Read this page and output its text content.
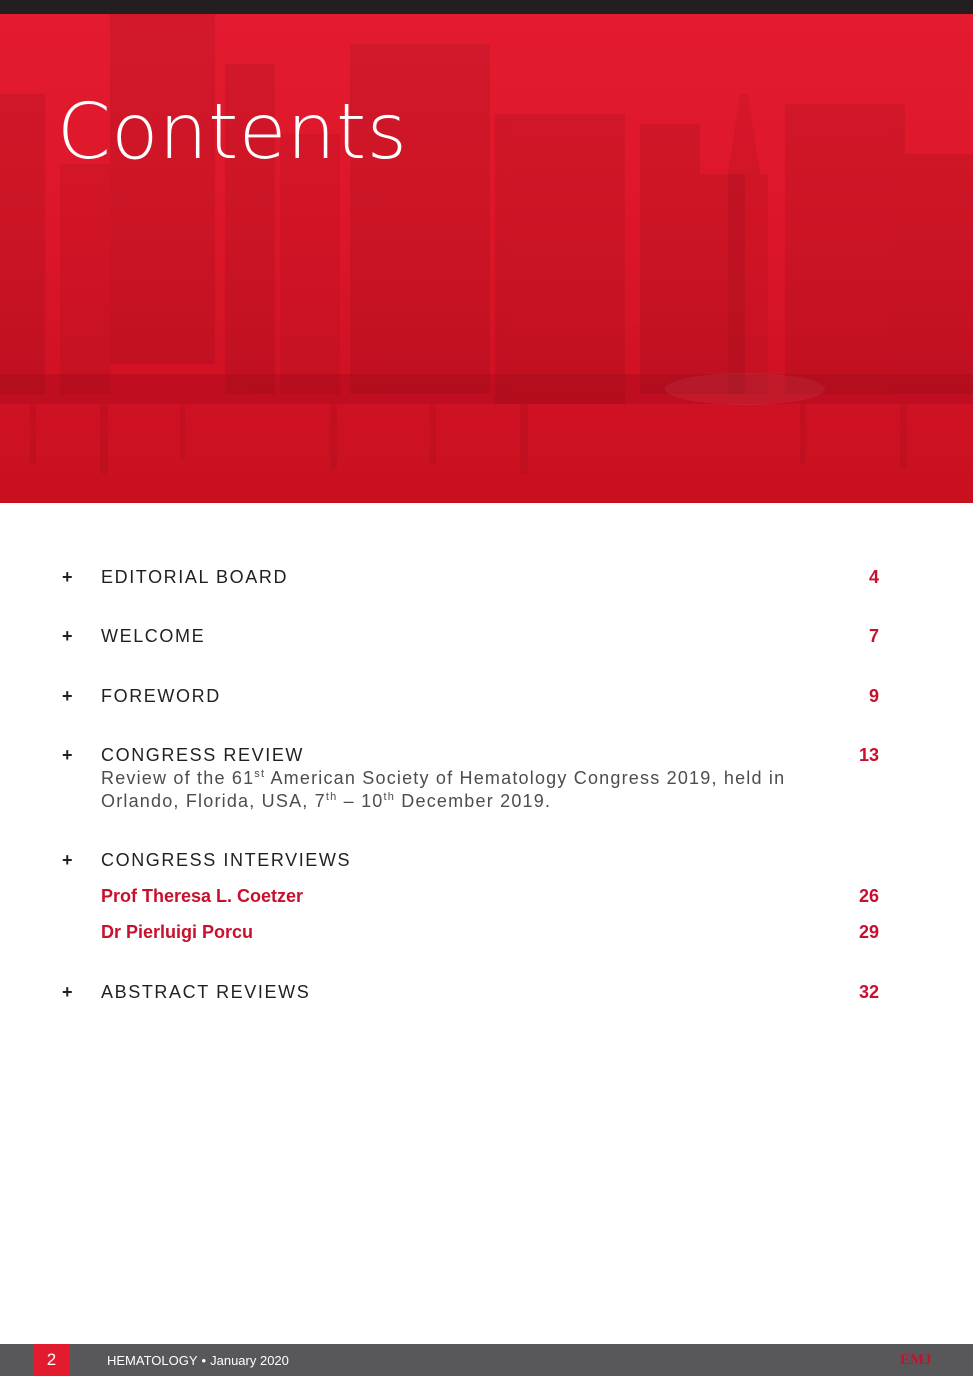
Contents
+ EDITORIAL BOARD	4
+ WELCOME	7
+ FOREWORD	9
+ CONGRESS REVIEW	13
Review of the 61st American Society of Hematology Congress 2019, held in Orlando, Florida, USA, 7th – 10th December 2019.
+ CONGRESS INTERVIEWS
Prof Theresa L. Coetzer	26
Dr Pierluigi Porcu	29
+ ABSTRACT REVIEWS	32
2	HEMATOLOGY • January 2020	EMJ
